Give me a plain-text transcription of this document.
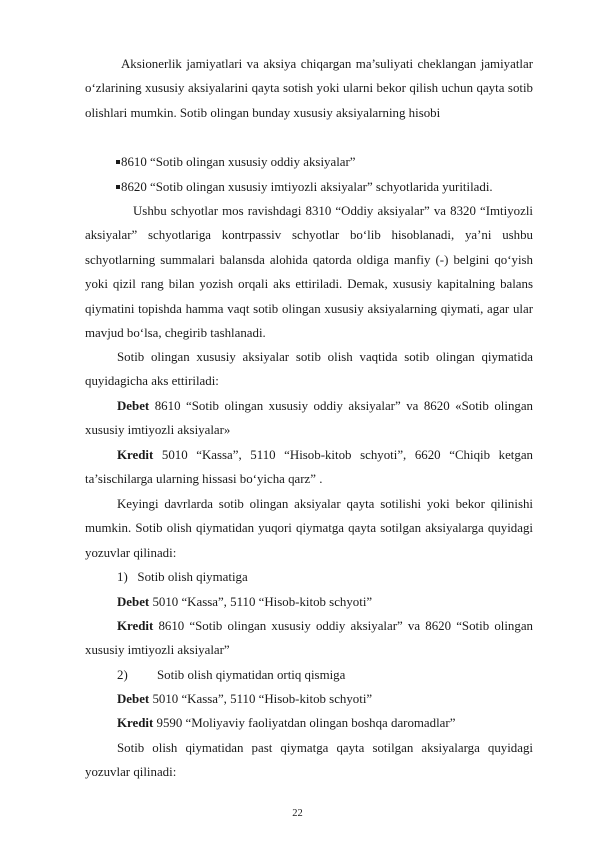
Aksionerlik jamiyatlari va aksiya chiqargan ma’suliyati cheklangan jamiyatlar o‘zlarining xususiy aksiyalarini qayta sotish yoki ularni bekor qilish uchun qayta sotib olishlari mumkin. Sotib olingan bunday xususiy aksiyalarning hisobi

8610 “Sotib olingan xususiy oddiy aksiyalar”

8620 “Sotib olingan xususiy imtiyozli aksiyalar” schyotlarida yuritiladi.

Ushbu schyotlar mos ravishdagi 8310 “Oddiy aksiyalar” va 8320 “Imtiyozli aksiyalar” schyotlariga kontrpassiv schyotlar bo‘lib hisoblanadi, ya’ni ushbu schyotlarning summalari balansda alohida qatorda oldiga manfiy (-) belgini qo‘yish yoki qizil rang bilan yozish orqali aks ettiriladi. Demak, xususiy kapitalning balans qiymatini topishda hamma vaqt sotib olingan xususiy aksiyalarning qiymati, agar ular mavjud bo‘lsa, chegirib tashlanadi.

Sotib olingan xususiy aksiyalar sotib olish vaqtida sotib olingan qiymatida quyidagicha aks ettiriladi:

Debet 8610 “Sotib olingan xususiy oddiy aksiyalar” va 8620 «Sotib olingan xususiy imtiyozli aksiyalar»

Kredit 5010 “Kassa”, 5110 “Hisob-kitob schyoti”, 6620 “Chiqib ketgan ta’sischilarga ularning hissasi bo‘yicha qarz” .

Keyingi davrlarda sotib olingan aksiyalar qayta sotilishi yoki bekor qilinishi mumkin. Sotib olish qiymatidan yuqori qiymatga qayta sotilgan aksiyalarga quyidagi yozuvlar qilinadi:

1)   Sotib olish qiymatiga

Debet 5010 “Kassa”, 5110 “Hisob-kitob schyoti”

Kredit 8610 “Sotib olingan xususiy oddiy aksiyalar” va 8620 “Sotib olingan xususiy imtiyozli aksiyalar”

2) Sotib olish qiymatidan ortiq qismiga

Debet 5010 “Kassa”, 5110 “Hisob-kitob schyoti”

Kredit 9590 “Moliyaviy faoliyatdan olingan boshqa daromadlar”

Sotib olish qiymatidan past qiymatga qayta sotilgan aksiyalarga quyidagi yozuvlar qilinadi:

22
